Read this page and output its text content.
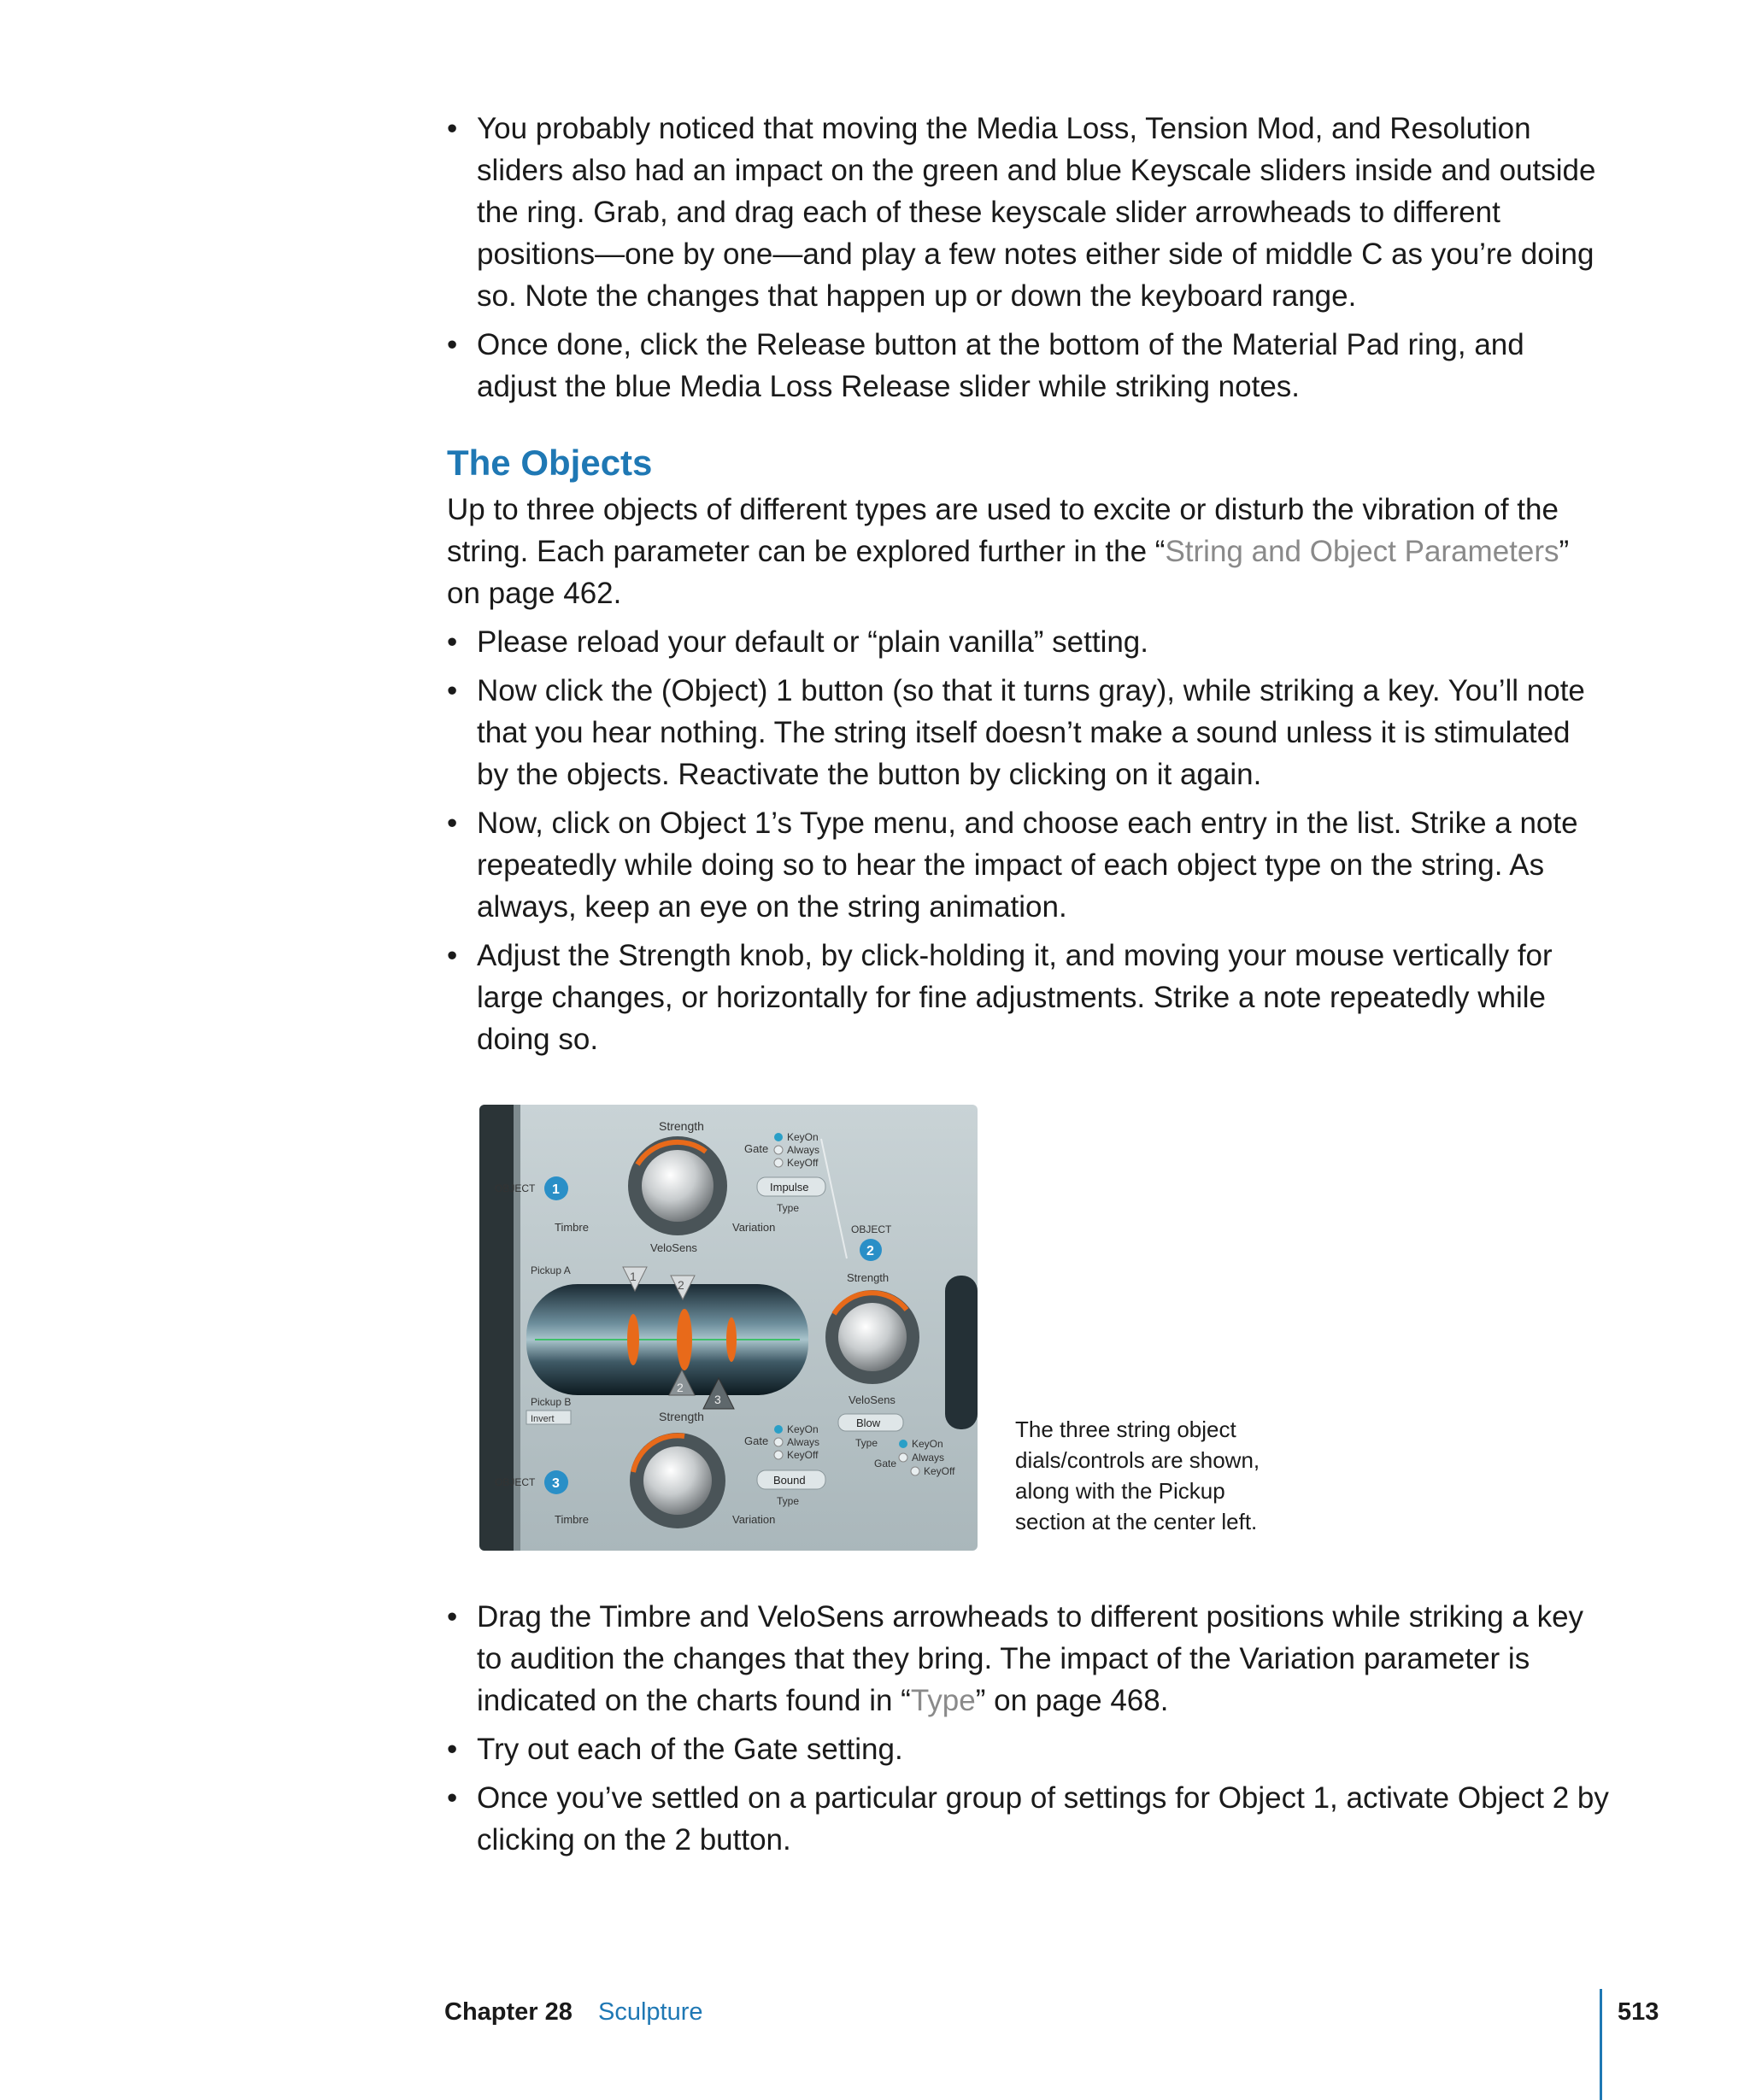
• You probably noticed that moving the Media Loss, Tension Mod, and Resolution sliders also had an impact on the green and blue Keyscale sliders inside and outside the ring. Grab, and drag each of these keyscale slider arrowheads to different positions—one by one—and play a few notes either side of middle C as you’re doing so. Note the changes that happen up or down the keyboard range.
• Once done, click the Release button at the bottom of the Material Pad ring, and adjust the blue Media Loss Release slider while striking notes.
The Objects

Up to three objects of different types are used to excite or disturb the vibration of the string. Each parameter can be explored further in the “String and Object Parameters” on page 462.

• Please reload your default or “plain vanilla” setting.
• Now click the (Object) 1 button (so that it turns gray), while striking a key. You’ll note that you hear nothing. The string itself doesn’t make a sound unless it is stimulated by the objects. Reactivate the button by clicking on it again.
• Now, click on Object 1’s Type menu, and choose each entry in the list. Strike a note repeatedly while doing so to hear the impact of each object type on the string. As always, keep an eye on the string animation.
• Adjust the Strength knob, by click-holding it, and moving your mouse vertically for large changes, or horizontally for fine adjustments. Strike a note repeatedly while doing so.
Strength
OBJECT 1
Timbre	Variation
VeloSens
Gate
KeyOn
Always
KeyOff
Impulse
Type
OBJECT
2
Strength
VeloSens
Blow
Type
Gate
KeyOn
Always
KeyOff
Pickup A	1
2
2
3
Pickup B
Invert	Strength
OBJECT 3
Timbre	Variation
Gate
KeyOn
Always
KeyOff
Bound
Type
The three string object dials/controls are shown, along with the Pickup section at the center left.
• Drag the Timbre and VeloSens arrowheads to different positions while striking a key to audition the changes that they bring. The impact of the Variation parameter is indicated on the charts found in “Type” on page 468.
• Try out each of the Gate setting.
• Once you’ve settled on a particular group of settings for Object 1, activate Object 2 by clicking on the 2 button.
Chapter 28 Sculpture	513
